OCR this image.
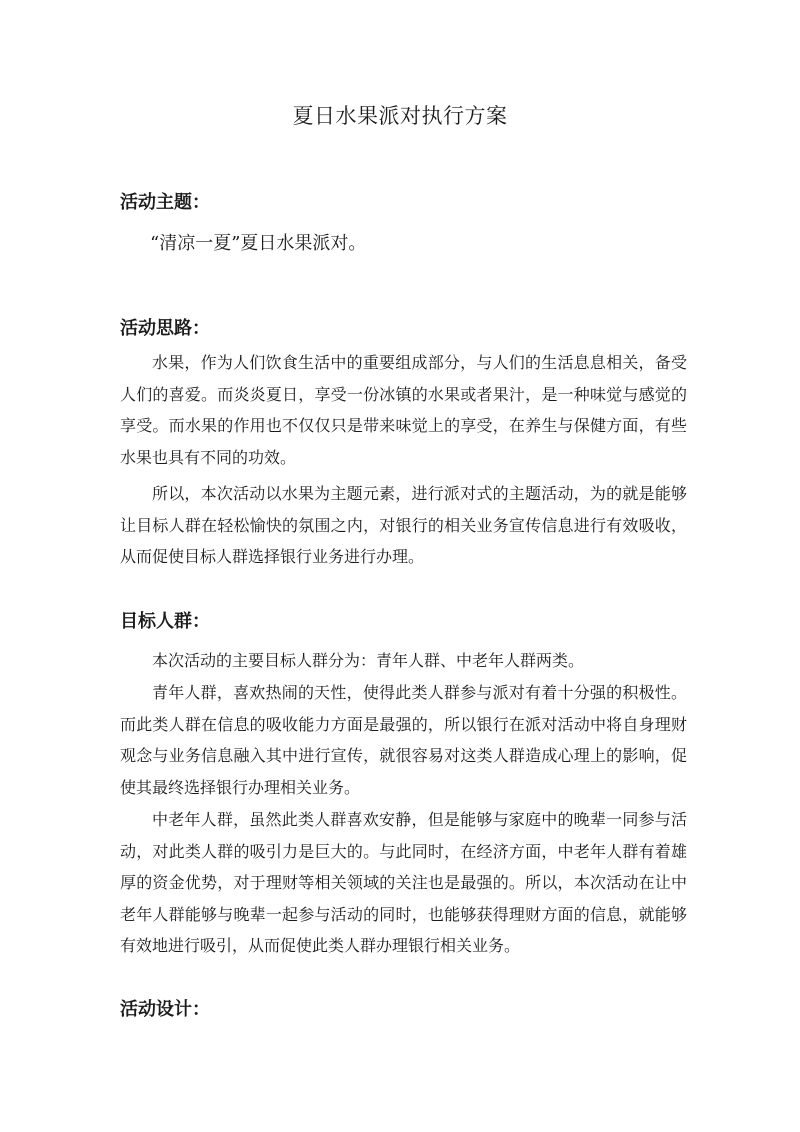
夏日水果派对执行方案
活动主题：

“清凉一夏”夏日水果派对。

活动思路：

水果，作为人们饮食生活中的重要组成部分，与人们的生活息息相关，备受人们的喜爱。而炎炎夏日，享受一份冰镇的水果或者果汁，是一种味觉与感觉的享受。而水果的作用也不仅仅只是带来味觉上的享受，在养生与保健方面，有些水果也具有不同的功效。

所以，本次活动以水果为主题元素，进行派对式的主题活动，为的就是能够让目标人群在轻松愉快的氛围之内，对银行的相关业务宣传信息进行有效吸收，从而促使目标人群选择银行业务进行办理。

目标人群：

本次活动的主要目标人群分为：青年人群、中老年人群两类。

青年人群，喜欢热闹的天性，使得此类人群参与派对有着十分强的积极性。而此类人群在信息的吸收能力方面是最强的，所以银行在派对活动中将自身理财观念与业务信息融入其中进行宣传，就很容易对这类人群造成心理上的影响，促使其最终选择银行办理相关业务。

中老年人群，虽然此类人群喜欢安静，但是能够与家庭中的晚辈一同参与活动，对此类人群的吸引力是巨大的。与此同时，在经济方面，中老年人群有着雄厚的资金优势，对于理财等相关领域的关注也是最强的。所以，本次活动在让中老年人群能够与晚辈一起参与活动的同时，也能够获得理财方面的信息，就能够有效地进行吸引，从而促使此类人群办理银行相关业务。

活动设计：
